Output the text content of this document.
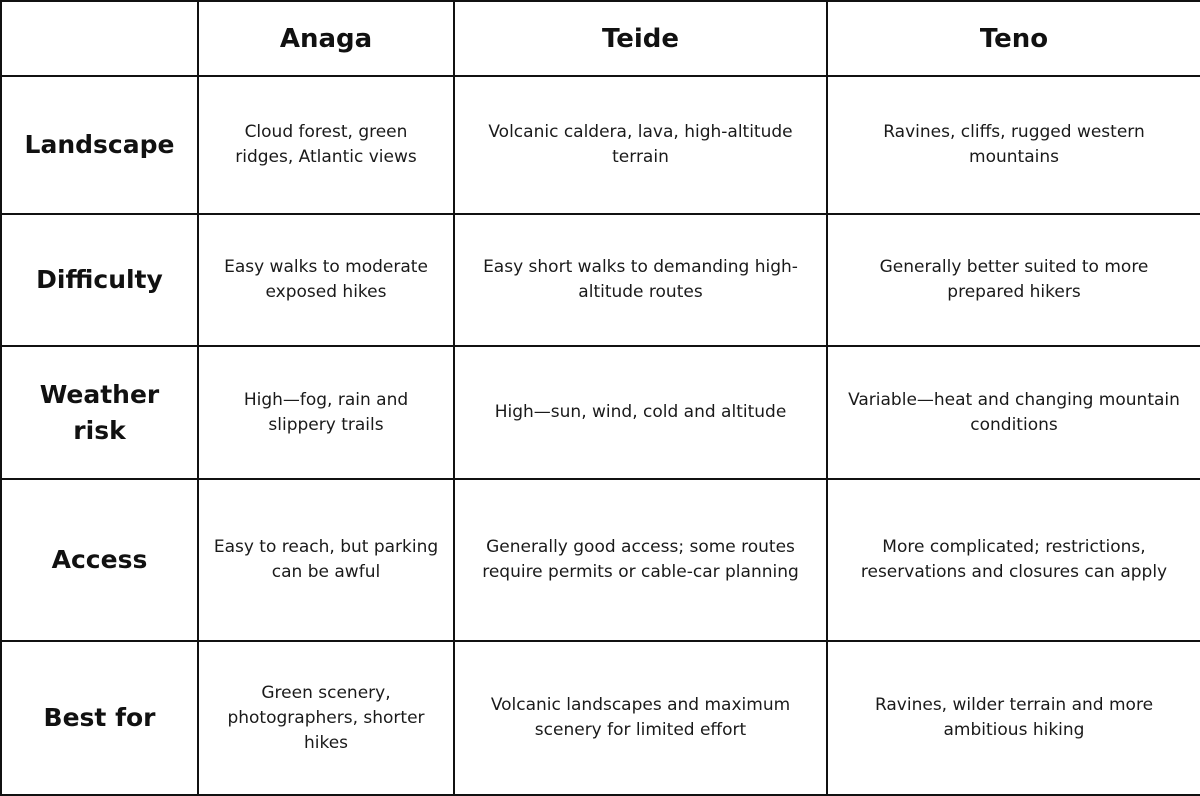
	Anaga	Teide	Teno
Landscape	Cloud forest, green ridges, Atlantic views	Volcanic caldera, lava, high-altitude terrain	Ravines, cliffs, rugged western mountains
Difficulty	Easy walks to moderate exposed hikes	Easy short walks to demanding high-altitude routes	Generally better suited to more prepared hikers
Weather risk	High—fog, rain and slippery trails	High—sun, wind, cold and altitude	Variable—heat and changing mountain conditions
Access	Easy to reach, but parking can be awful	Generally good access; some routes require permits or cable-car planning	More complicated; restrictions, reservations and closures can apply
Best for	Green scenery, photographers, shorter hikes	Volcanic landscapes and maximum scenery for limited effort	Ravines, wilder terrain and more ambitious hiking
